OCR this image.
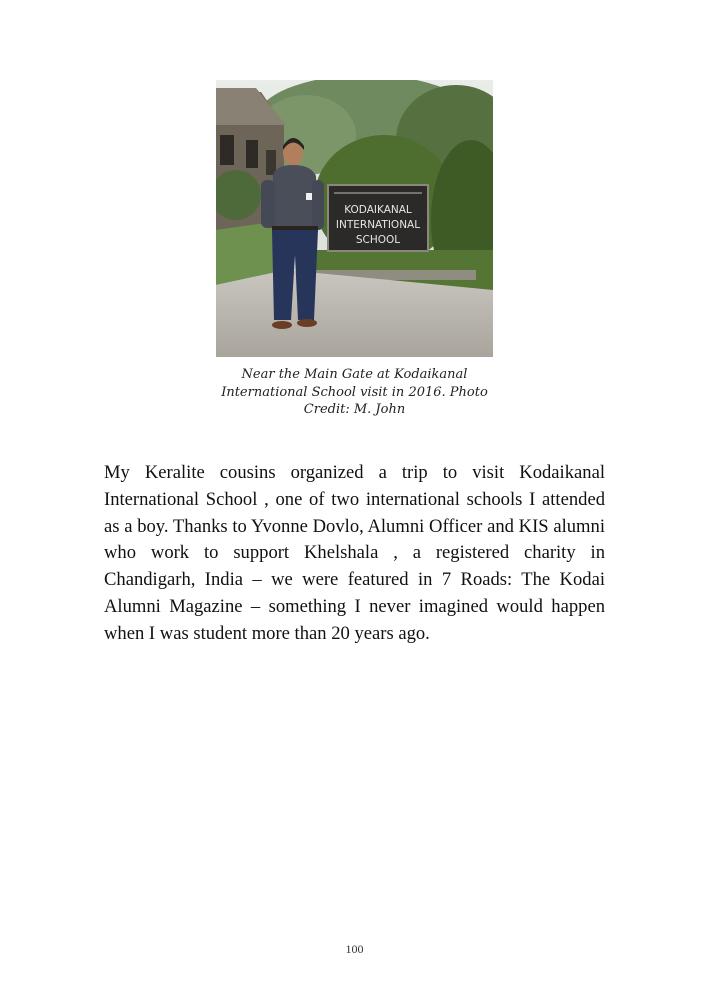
KODAIKANAL
INTERNATIONAL
SCHOOL
Near the Main Gate at Kodaikanal International School visit in 2016. Photo Credit: M. John

My Keralite cousins organized a trip to visit Kodaikanal International School , one of two international schools I attended as a boy. Thanks to Yvonne Dovlo, Alumni Officer and KIS alumni who work to support Khelshala , a registered charity in Chandigarh, India – we were featured in 7 Roads: The Kodai Alumni Magazine – something I never imagined would happen when I was student more than 20 years ago.

100
